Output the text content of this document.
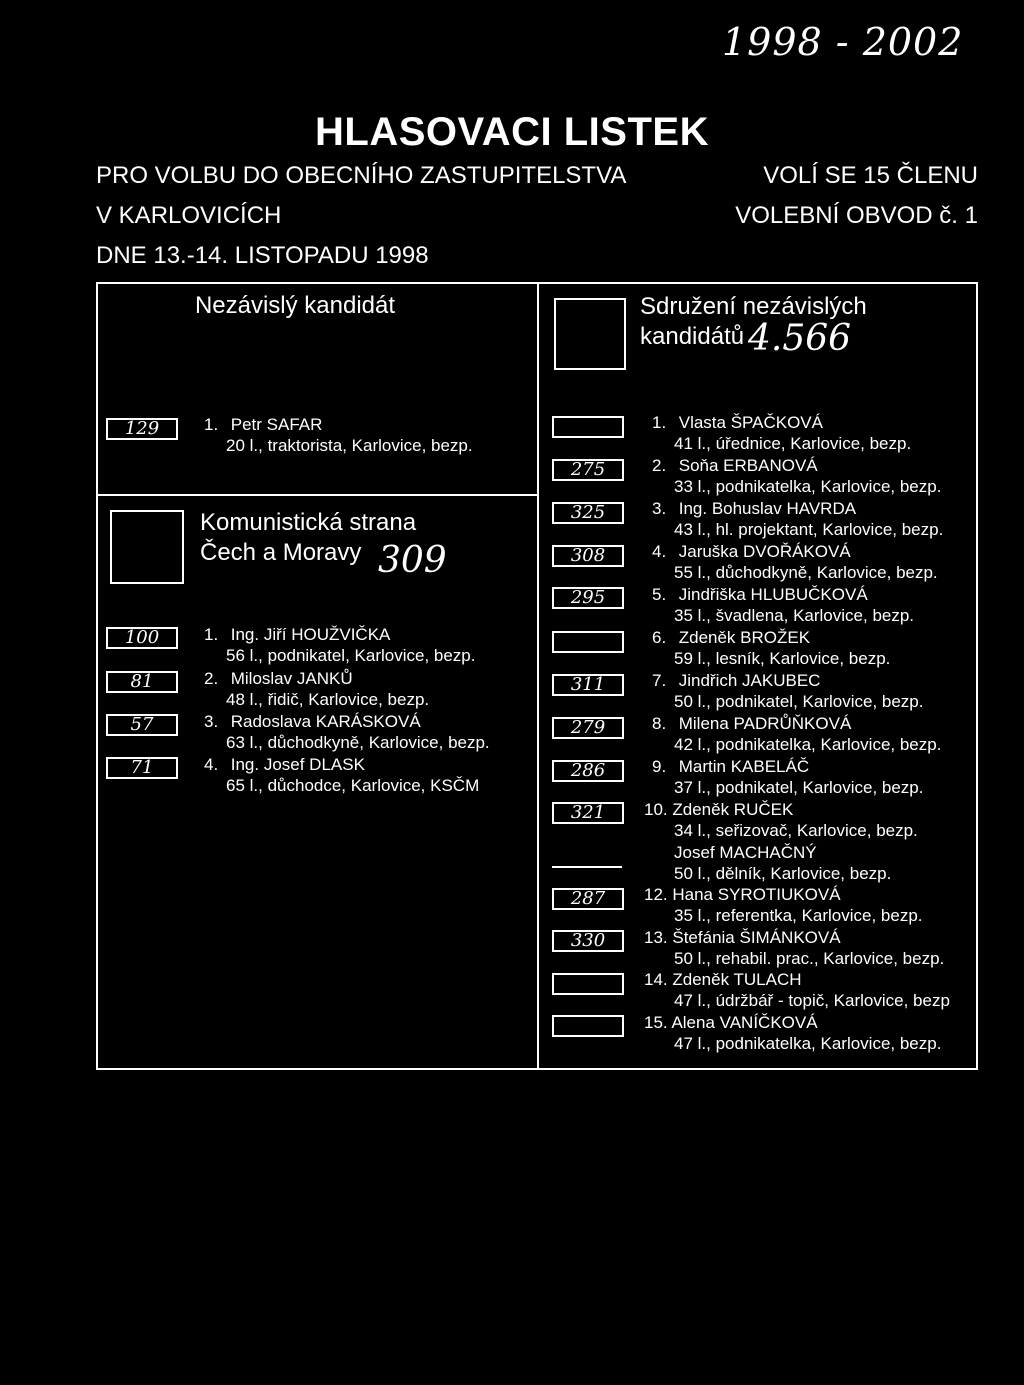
1998 - 2002
HLASOVACI LISTEK
PRO VOLBU DO OBECNÍHO ZASTUPITELSTVA
V KARLOVICÍCH
VOLÍ SE 15 ČLENU
VOLEBNÍ OBVOD č. 1
DNE 13.-14. LISTOPADU 1998
Nezávislý kandidát
129	1. Petr SAFAR
20 l., traktorista, Karlovice, bezp.
Komunistická strana
Čech a Moravy 309
100	1. Ing. Jiří HOUŽVIČKA
56 l., podnikatel, Karlovice, bezp.
81	2. Miloslav JANKŮ
48 l., řidič, Karlovice, bezp.
57	3. Radoslava KARÁSKOVÁ
63 l., důchodkyně, Karlovice, bezp.
71	4. Ing. Josef DLASK
65 l., důchodce, Karlovice, KSČM
Sdružení nezávislých
kandidátů 4.566
1. Vlasta ŠPAČKOVÁ
41 l., úřednice, Karlovice, bezp.
275	2. Soňa ERBANOVÁ
33 l., podnikatelka, Karlovice, bezp.
325	3. Ing. Bohuslav HAVRDA
43 l., hl. projektant, Karlovice, bezp.
308	4. Jaruška DVOŘÁKOVÁ
55 l., důchodkyně, Karlovice, bezp.
295	5. Jindřiška HLUBUČKOVÁ
35 l., švadlena, Karlovice, bezp.
6. Zdeněk BROŽEK
59 l., lesník, Karlovice, bezp.
311	7. Jindřich JAKUBEC
50 l., podnikatel, Karlovice, bezp.
279	8. Milena PADRŮŇKOVÁ
42 l., podnikatelka, Karlovice, bezp.
286	9. Martin KABELÁČ
37 l., podnikatel, Karlovice, bezp.
321	10. Zdeněk RUČEK
34 l., seřizovač, Karlovice, bezp.
Josef MACHAČNÝ
50 l., dělník, Karlovice, bezp.
287	12. Hana SYROTIUKOVÁ
35 l., referentka, Karlovice, bezp.
330	13. Štefánia ŠIMÁNKOVÁ
50 l., rehabil. prac., Karlovice, bezp.
14. Zdeněk TULACH
47 l., údržbář - topič, Karlovice, bezp
15. Alena VANÍČKOVÁ
47 l., podnikatelka, Karlovice, bezp.
